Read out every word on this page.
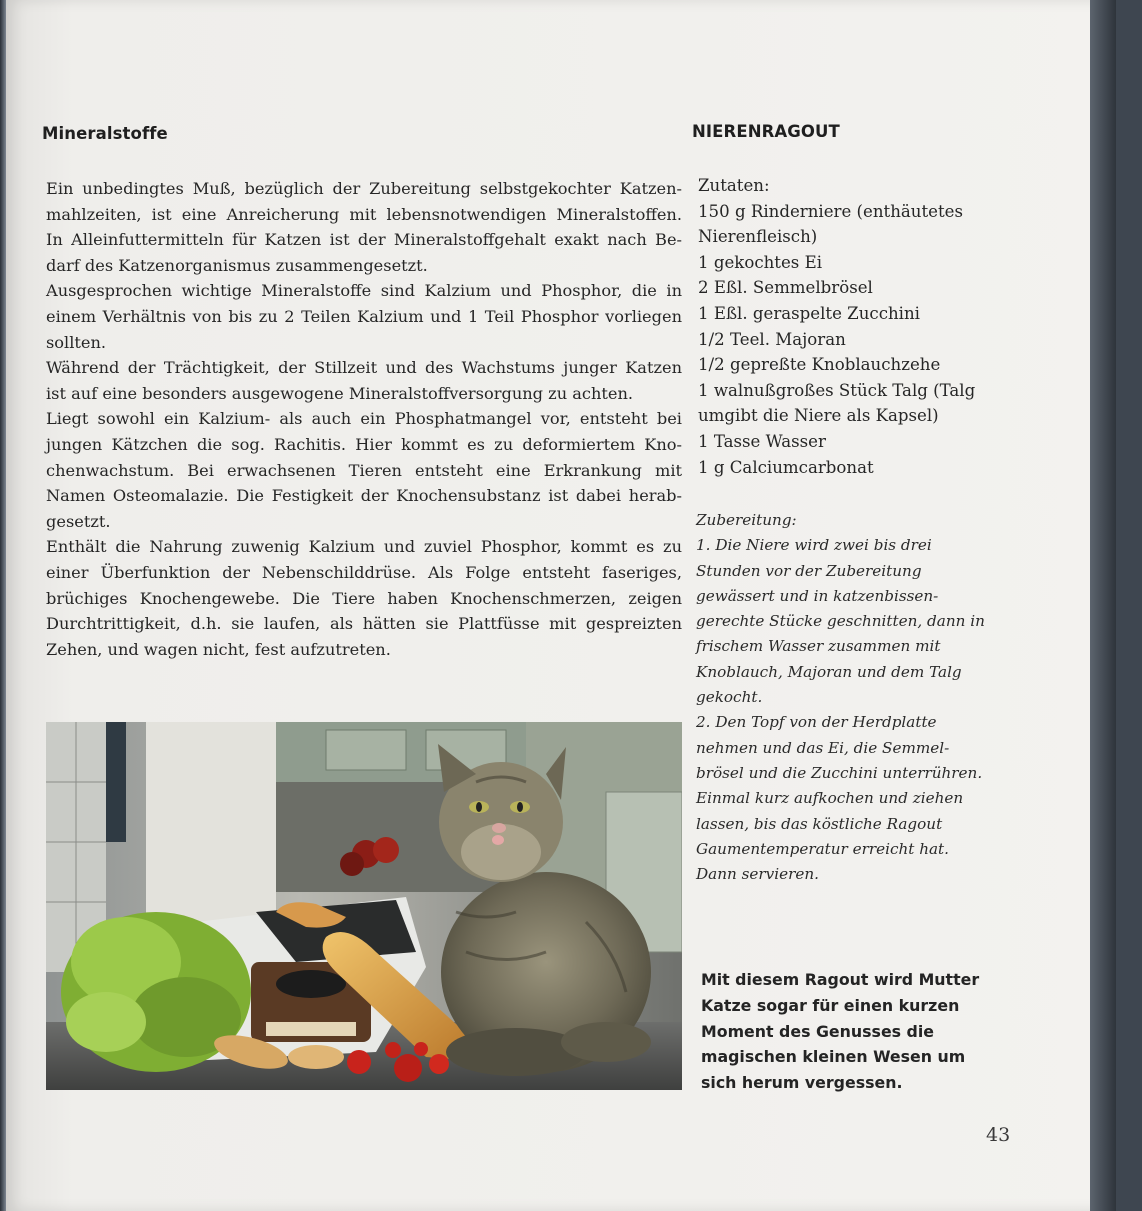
Mineralstoffe
Ein unbedingtes Muß, bezüglich der Zubereitung selbstgekochter Katzen-
mahlzeiten, ist eine Anreicherung mit lebensnotwendigen Mineralstoffen.
In Alleinfuttermitteln für Katzen ist der Mineralstoffgehalt exakt nach Be-
darf des Katzenorganismus zusammengesetzt.
Ausgesprochen wichtige Mineralstoffe sind Kalzium und Phosphor, die in
einem Verhältnis von bis zu 2 Teilen Kalzium und 1 Teil Phosphor vorliegen
sollten.
Während der Trächtigkeit, der Stillzeit und des Wachstums junger Katzen
ist auf eine besonders ausgewogene Mineralstoffversorgung zu achten.
Liegt sowohl ein Kalzium- als auch ein Phosphatmangel vor, entsteht bei
jungen Kätzchen die sog. Rachitis. Hier kommt es zu deformiertem Kno-
chenwachstum. Bei erwachsenen Tieren entsteht eine Erkrankung mit
Namen Osteomalazie. Die Festigkeit der Knochensubstanz ist dabei herab-
gesetzt.
Enthält die Nahrung zuwenig Kalzium und zuviel Phosphor, kommt es zu
einer Überfunktion der Nebenschilddrüse. Als Folge entsteht faseriges,
brüchiges Knochengewebe. Die Tiere haben Knochenschmerzen, zeigen
Durchtrittigkeit, d.h. sie laufen, als hätten sie Plattfüsse mit gespreizten
Zehen, und wagen nicht, fest aufzutreten.
NIERENRAGOUT
Zutaten:
150 g Rinderniere (enthäutetes
Nierenfleisch)
1 gekochtes Ei
2 Eßl. Semmelbrösel
1 Eßl. geraspelte Zucchini
1/2 Teel. Majoran
1/2 gepreßte Knoblauchzehe
1 walnußgroßes Stück Talg (Talg
umgibt die Niere als Kapsel)
1 Tasse Wasser
1 g Calciumcarbonat
Zubereitung:
1. Die Niere wird zwei bis drei
Stunden vor der Zubereitung
gewässert und in katzenbissen-
gerechte Stücke geschnitten, dann in
frischem Wasser zusammen mit
Knoblauch, Majoran und dem Talg
gekocht.
2. Den Topf von der Herdplatte
nehmen und das Ei, die Semmel-
brösel und die Zucchini unterrühren.
Einmal kurz aufkochen und ziehen
lassen, bis das köstliche Ragout
Gaumentemperatur erreicht hat.
Dann servieren.
Mit diesem Ragout wird Mutter
Katze sogar für einen kurzen
Moment des Genusses die
magischen kleinen Wesen um
sich herum vergessen.
43
